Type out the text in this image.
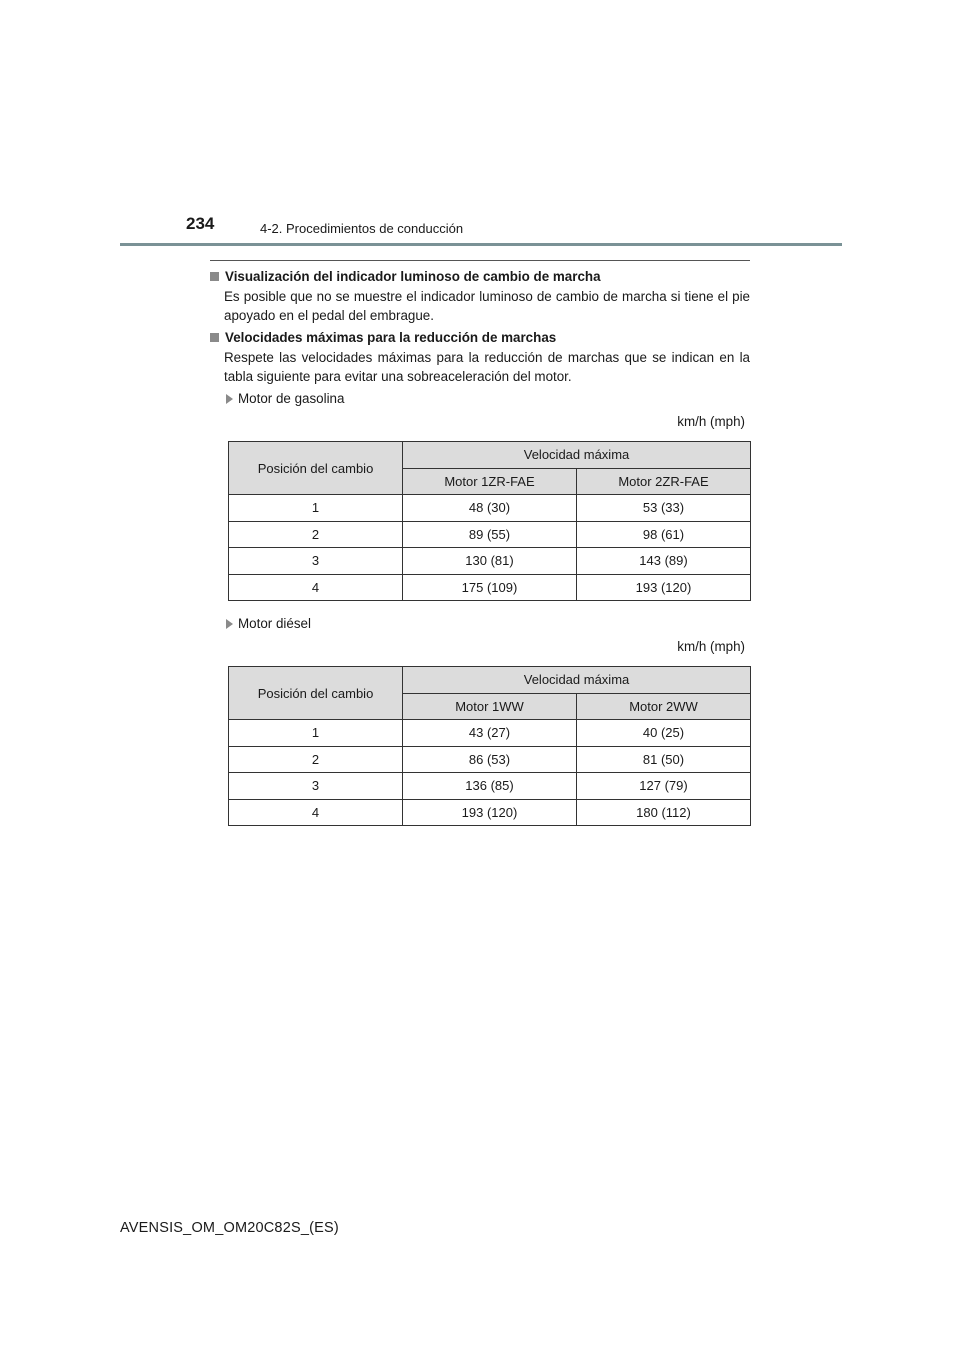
234	4-2. Procedimientos de conducción
Visualización del indicador luminoso de cambio de marcha
Es posible que no se muestre el indicador luminoso de cambio de marcha si tiene el pie apoyado en el pedal del embrague.
Velocidades máximas para la reducción de marchas
Respete las velocidades máximas para la reducción de marchas que se indican en la tabla siguiente para evitar una sobreaceleración del motor.
Motor de gasolina
km/h (mph)
Posición del cambio	Velocidad máxima	
	Motor 1ZR-FAE	Motor 2ZR-FAE
1	48 (30)	53 (33)
2	89 (55)	98 (61)
3	130 (81)	143 (89)
4	175 (109)	193 (120)
Motor diésel
km/h (mph)
Posición del cambio	Velocidad máxima	
	Motor 1WW	Motor 2WW
1	43 (27)	40 (25)
2	86 (53)	81 (50)
3	136 (85)	127 (79)
4	193 (120)	180 (112)
AVENSIS_OM_OM20C82S_(ES)
